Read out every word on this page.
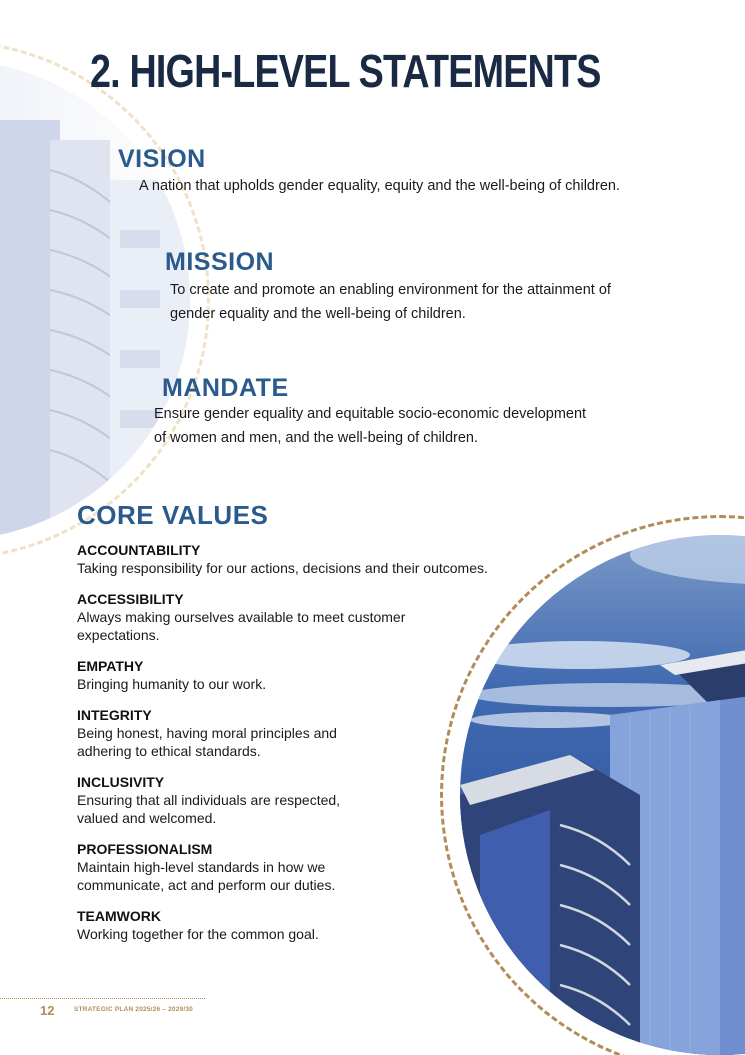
2. HIGH-LEVEL STATEMENTS
VISION
A nation that upholds gender equality, equity and the well-being of children.
MISSION
To create and promote an enabling environment for the attainment of
gender equality and the well-being of children.
MANDATE
Ensure gender equality and equitable socio-economic development
of women and men, and the well-being of children.
CORE VALUES
ACCOUNTABILITY
Taking responsibility for our actions, decisions and their outcomes.
ACCESSIBILITY
Always making ourselves available to meet customer
expectations.
EMPATHY
Bringing humanity to our work.
INTEGRITY
Being honest, having moral principles and
adhering to ethical standards.
INCLUSIVITY
Ensuring that all individuals are respected,
valued and welcomed.
PROFESSIONALISM
Maintain high-level standards in how we
communicate, act and perform our duties.
TEAMWORK
Working together for the common goal.
12	STRATEGIC PLAN 2025/26 – 2029/30
